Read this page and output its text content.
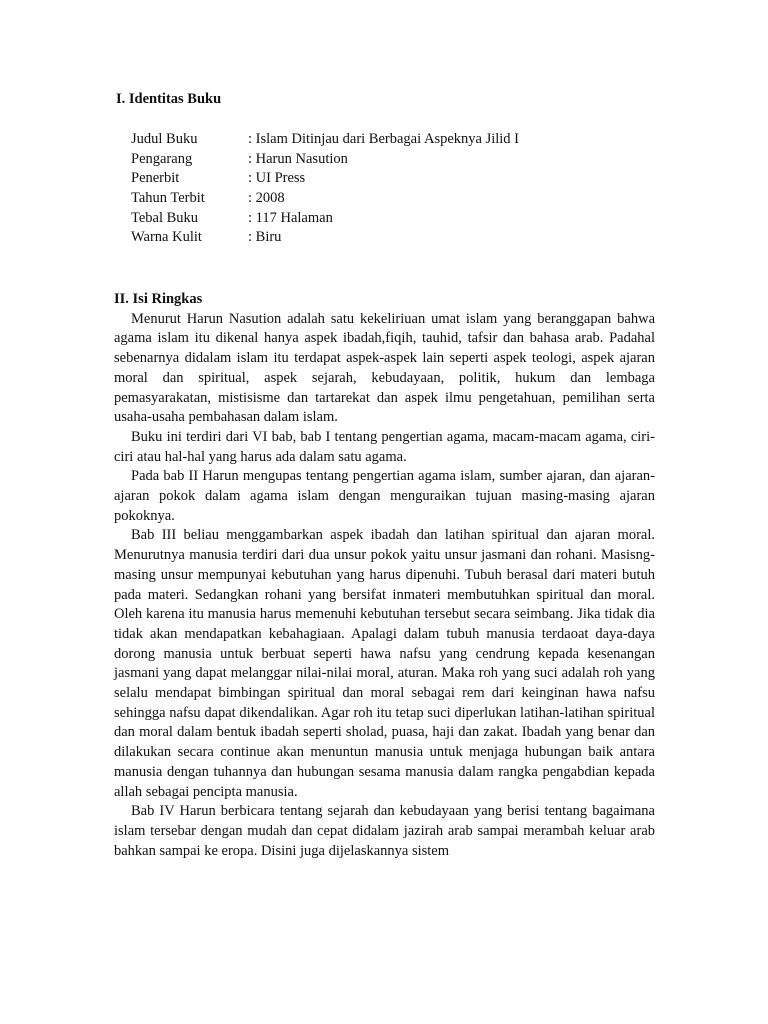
I. Identitas Buku
Judul Buku	: Islam Ditinjau dari Berbagai Aspeknya Jilid I
Pengarang	: Harun Nasution
Penerbit	: UI Press
Tahun Terbit	: 2008
Tebal Buku	: 117 Halaman
Warna Kulit	: Biru
II. Isi Ringkas

Menurut Harun Nasution adalah satu kekeliriuan umat islam yang beranggapan bahwa agama islam itu dikenal hanya aspek ibadah,fiqih, tauhid, tafsir dan bahasa arab. Padahal sebenarnya didalam islam itu terdapat aspek-aspek lain seperti aspek teologi, aspek ajaran moral dan spiritual, aspek sejarah, kebudayaan, politik, hukum dan lembaga pemasyarakatan, mistisisme dan tartarekat dan aspek ilmu pengetahuan, pemilihan serta usaha-usaha pembahasan dalam islam.

Buku ini terdiri dari VI bab, bab I tentang pengertian agama, macam-macam agama, ciri-ciri atau hal-hal yang harus ada dalam satu agama.

Pada bab II Harun mengupas tentang pengertian agama islam, sumber ajaran, dan ajaran-ajaran pokok dalam agama islam dengan menguraikan tujuan masing-masing ajaran pokoknya.

Bab III beliau menggambarkan aspek ibadah dan latihan spiritual dan ajaran moral. Menurutnya manusia terdiri dari dua unsur pokok yaitu unsur jasmani dan rohani. Masisng-masing unsur mempunyai kebutuhan yang harus dipenuhi. Tubuh berasal dari materi butuh pada materi. Sedangkan rohani yang bersifat inmateri membutuhkan spiritual dan moral. Oleh karena itu manusia harus memenuhi kebutuhan tersebut secara seimbang. Jika tidak dia tidak akan mendapatkan kebahagiaan. Apalagi dalam tubuh manusia terdaoat daya-daya dorong manusia untuk berbuat seperti hawa nafsu yang cendrung kepada kesenangan jasmani yang dapat melanggar nilai-nilai moral, aturan. Maka roh yang suci adalah roh yang selalu mendapat bimbingan spiritual dan moral sebagai rem dari keinginan hawa nafsu sehingga nafsu dapat dikendalikan. Agar roh itu tetap suci diperlukan latihan-latihan spiritual dan moral dalam bentuk ibadah seperti sholad, puasa, haji dan zakat. Ibadah yang benar dan dilakukan secara continue akan menuntun manusia untuk menjaga hubungan baik antara manusia dengan tuhannya dan hubungan sesama manusia dalam rangka pengabdian kepada allah sebagai pencipta manusia.

Bab IV Harun berbicara tentang sejarah dan kebudayaan yang berisi tentang bagaimana islam tersebar dengan mudah dan cepat didalam jazirah arab sampai merambah keluar arab bahkan sampai ke eropa. Disini juga dijelaskannya sistem
